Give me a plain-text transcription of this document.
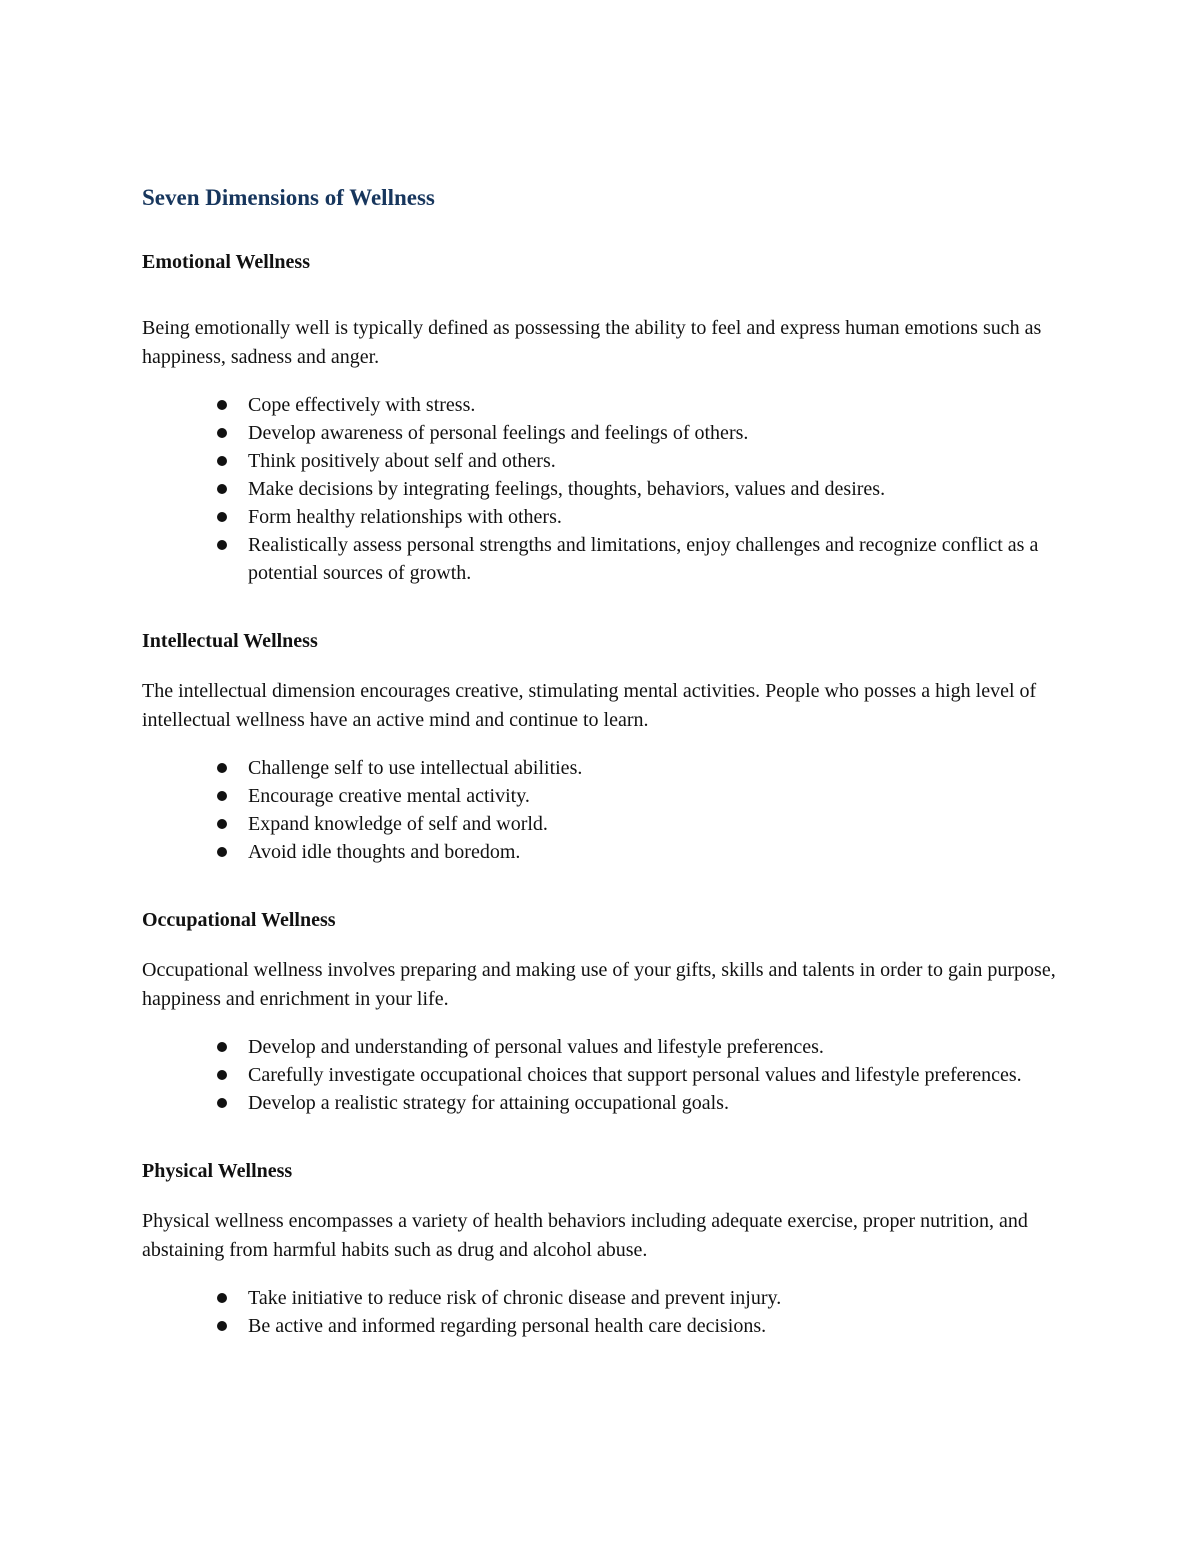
Seven Dimensions of Wellness
Emotional Wellness

Being emotionally well is typically defined as possessing the ability to feel and express human emotions such as happiness, sadness and anger.

Cope effectively with stress.
Develop awareness of personal feelings and feelings of others.
Think positively about self and others.
Make decisions by integrating feelings, thoughts, behaviors, values and desires.
Form healthy relationships with others.
Realistically assess personal strengths and limitations, enjoy challenges and recognize conflict as a potential sources of growth.
Intellectual Wellness

The intellectual dimension encourages creative, stimulating mental activities. People who posses a high level of intellectual wellness have an active mind and continue to learn.

Challenge self to use intellectual abilities.
Encourage creative mental activity.
Expand knowledge of self and world.
Avoid idle thoughts and boredom.
Occupational Wellness

Occupational wellness involves preparing and making use of your gifts, skills and talents in order to gain purpose, happiness and enrichment in your life.

Develop and understanding of personal values and lifestyle preferences.
Carefully investigate occupational choices that support personal values and lifestyle preferences.
Develop a realistic strategy for attaining occupational goals.
Physical Wellness

Physical wellness encompasses a variety of health behaviors including adequate exercise, proper nutrition, and abstaining from harmful habits such as drug and alcohol abuse.

Take initiative to reduce risk of chronic disease and prevent injury.
Be active and informed regarding personal health care decisions.
